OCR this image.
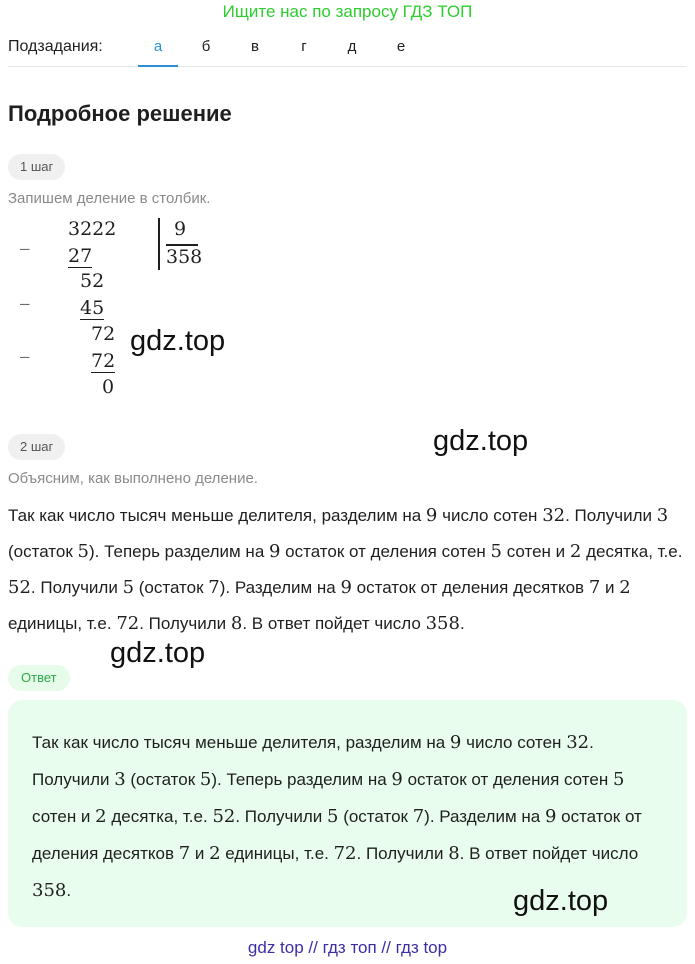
Ищите нас по запросу ГДЗ ТОП
Подзадания:	а	б	в	г	д	е
Подробное решение
1 шаг
Запишем деление в столбик.
_ 3222
27
9
358
_
52
45
_
72
72
0
gdz.top
2 шаг	gdz.top
Объясним, как выполнено деление.
Так как число тысяч меньше делителя, разделим на 9 число сотен 32. Получили 3 (остаток 5). Теперь разделим на 9 остаток от деления сотен 5 сотен и 2 десятка, т.е. 52. Получили 5 (остаток 7). Разделим на 9 остаток от деления десятков 7 и 2 единицы, т.е. 72. Получили 8. В ответ пойдет число 358.
gdz.top
Ответ
Так как число тысяч меньше делителя, разделим на 9 число сотен 32. Получили 3 (остаток 5). Теперь разделим на 9 остаток от деления сотен 5 сотен и 2 десятка, т.е. 52. Получили 5 (остаток 7). Разделим на 9 остаток от деления десятков 7 и 2 единицы, т.е. 72. Получили 8. В ответ пойдет число 358.	gdz.top
gdz top // гдз топ // гдз top
